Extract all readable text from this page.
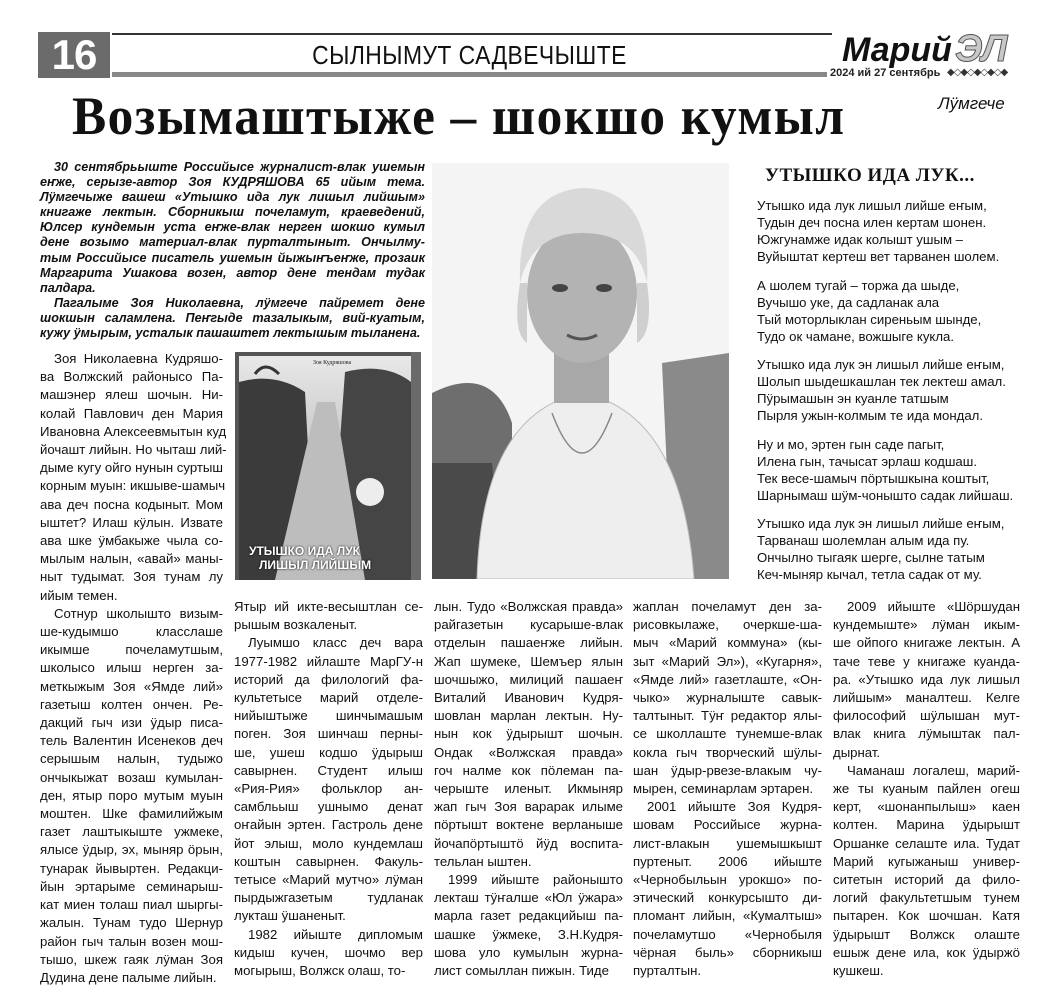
16	СЫЛНЫМУТ САДВЕЧЫШТЕ	Марий ЭЛ
2024 ий 27 сентябрь ◆◇◆◇◆◇◆◇◆
Возымаштыже – шокшо кумыл	Лӱмгече
30 сентябрьыште Российысе журналист-влак ушемын
еҥже, серызе-автор Зоя КУДРЯШОВА 65 ийым тема.
Лӱмгечыже вашеш «Утышко ида лук лишыл лийшым»
книгаже лектын. Сборникыш почеламут, краеведений,
Юлсер кундемын уста еҥже-влак нерген шокшо кумыл
дене возымо материал-влак пурталтыныт. Ончылму-
тым Российысе писатель ушемын йыжыҥъеҥже, прозаик
Маргарита Ушакова возен, автор дене тендам тудак
палдара.
Пагалыме Зоя Николаевна, лӱмгече пайремет дене
шокшын саламлена. Пеҥгыде тазалыкым, вий-куатым,
кужу ӱмырым, усталык пашаштет лектышым тыланена.
Зоя Николаевна Кудряшо-
ва Волжский районысо Па-
машэнер ялеш шочын. Ни-
колай Павлович ден Мария
Ивановна Алексеевмытын куд
йочашт лийын. Но чыташ лий-
дыме кугу ойго нунын суртыш
корным муын: икшыве-шамыч
ава деч посна кодыныт. Мом
ыштет? Илаш кӱлын. Извате
ава шке ӱмбакыже чыла со-
мылым налын, «авай» маны-
ныт тудымат. Зоя тунам лу
ийым темен.
Сотнур школышто визым-
ше-кудымшо класслаше
икымше почеламутшым,
школысо илыш нерген за-
меткыжым Зоя «Ямде лий»
газетыш колтен ончен. Ре-
дакций гыч изи ӱдыр писа-
тель Валентин Исенеков деч
серышым налын, тудыжо
ончыкыжат возаш кумылан-
ден, ятыр поро мутым муын
моштен. Шке фамилийжым
газет лаштыкыште ужмеке,
ялысе ӱдыр, эх, мыняр ӧрын,
тунарак йывыртен. Редакци-
йын эртарыме семинарыш-
кат миен толаш пиал шыргы-
жалын. Тунам тудо Шернур
район гыч талын возен мош-
тышо, шкеж гаяк лӱман Зоя
Дудина дене палыме лийын.
Ятыр ий икте-весыштлан се-
рышым возкаленыт.
Луымшо класс деч вара
1977-1982 ийлаште МарГУ-н
историй да филологий фа-
культетысе марий отделе-
нийыштыже шинчымашым
поген. Зоя шинчаш перны-
ше, ушеш кодшо ӱдырыш
савырнен. Студент илыш
«Рия-Рия» фольклор ан-
самбльыш ушнымо денат
оҥайын эртен. Гастроль дене
йот элыш, моло кундемлаш
коштын савырнен. Факуль-
тетысе «Марий мутчо» лӱман
пырдыжгазетым тудланак
лукташ ӱшаненыт.
1982 ийыште дипломым
кидыш кучен, шочмо вер
могырыш, Волжск олаш, то-
лын. Тудо «Волжская правда»
райгазетын кусарыше-влак
отделын пашаеҥже лийын.
Жап шумеке, Шемъер ялын
шочшыжо, милиций пашаеҥ
Виталий Иванович Кудря-
шовлан марлан лектын. Ну-
нын кок ӱдырышт шочын.
Ондак «Волжская правда»
гоч налме кок пӧлеман па-
черыште иленыт. Икмыняр
жап гыч Зоя варарак илыме
пӧртышт воктене верланыше
йочапӧртыштӧ йӱд воспита-
тельлан ыштен.
1999 ийыште районышто
лекташ тӱҥалше «Юл ӱжара»
марла газет редакцийыш па-
шашке ӱжмеке, З.Н.Кудря-
шова уло кумылын журна-
лист сомыллан пижын. Тиде
жаплан почеламут ден за-
рисовкылаже, очеркше-ша-
мыч «Марий коммуна» (кы-
зыт «Марий Эл»), «Кугарня»,
«Ямде лий» газетлаште, «Он-
чыко» журналыште савык-
талтыныт. Тӱҥ редактор ялы-
се школлаште тунемше-влак
кокла гыч творческий шӱлы-
шан ӱдыр-рвезе-влакым чу-
мырен, семинарлам эртарен.
2001 ийыште Зоя Кудря-
шовам Российысе журна-
лист-влакын ушемышкышт
пуртеныт. 2006 ийыште
«Чернобыльын урокшо» по-
этический конкурсышто ди-
пломант лийын, «Кумалтыш»
почеламутшо «Чернобыля
чёрная быль» сборникыш
пурталтын.
2009 ийыште «Шӧршудан
кундемыште» лӱман икым-
ше ойпого книгаже лектын. А
таче теве у книгаже куанда-
ра. «Утышко ида лук лишыл
лийшым» маналтеш. Келге
философий шӱлышан мут-
влак книга лӱмыштак пал-
дырнат.
Чаманаш логалеш, марий-
же ты куаным пайлен огеш
керт, «шонанпылыш» каен
колтен. Марина ӱдырышт
Оршанке селаште ила. Тудат
Марий кугыжаныш универ-
ситетын историй да фило-
логий факультетшым тунем
пытарен. Кок шочшан. Катя
ӱдырышт Волжск олаште
ешыж дене ила, кок ӱдыржӧ
кушкеш.
Зоя Кудряшова
УТЫШКО ИДА ЛУК
ЛИШЫЛ ЛИЙШЫМ
УТЫШКО ИДА ЛУК...
Утышко ида лук лишыл лийше еҥым,
Тудын деч посна илен кертам шонен.
Южгунамже идак колышт ушым –
Вуйыштат кертеш вет тарванен шолем.
А шолем тугай – торжа да шыде,
Вучышо уке, да садланак ала
Тый моторлыклан сиреньым шынде,
Тудо ок чамане, вожшыге кукла.
Утышко ида лук эн лишыл лийше еҥым,
Шолып шыдешкашлан тек лектеш амал.
Пӱрымашын эн куанле татшым
Пырля ужын-колмым те ида мондал.
Ну и мо, эртен гын саде пагыт,
Илена гын, тачысат эрлаш кодшаш.
Тек весе-шамыч пӧртышкына коштыт,
Шарнымаш шӱм-чонышто садак лийшаш.
Утышко ида лук эн лишыл лийше еҥым,
Тарванаш шолемлан алым ида пу.
Ончылно тыгаяк шерге, сылне татым
Кеч-мыняр кычал, тетла садак от му.
